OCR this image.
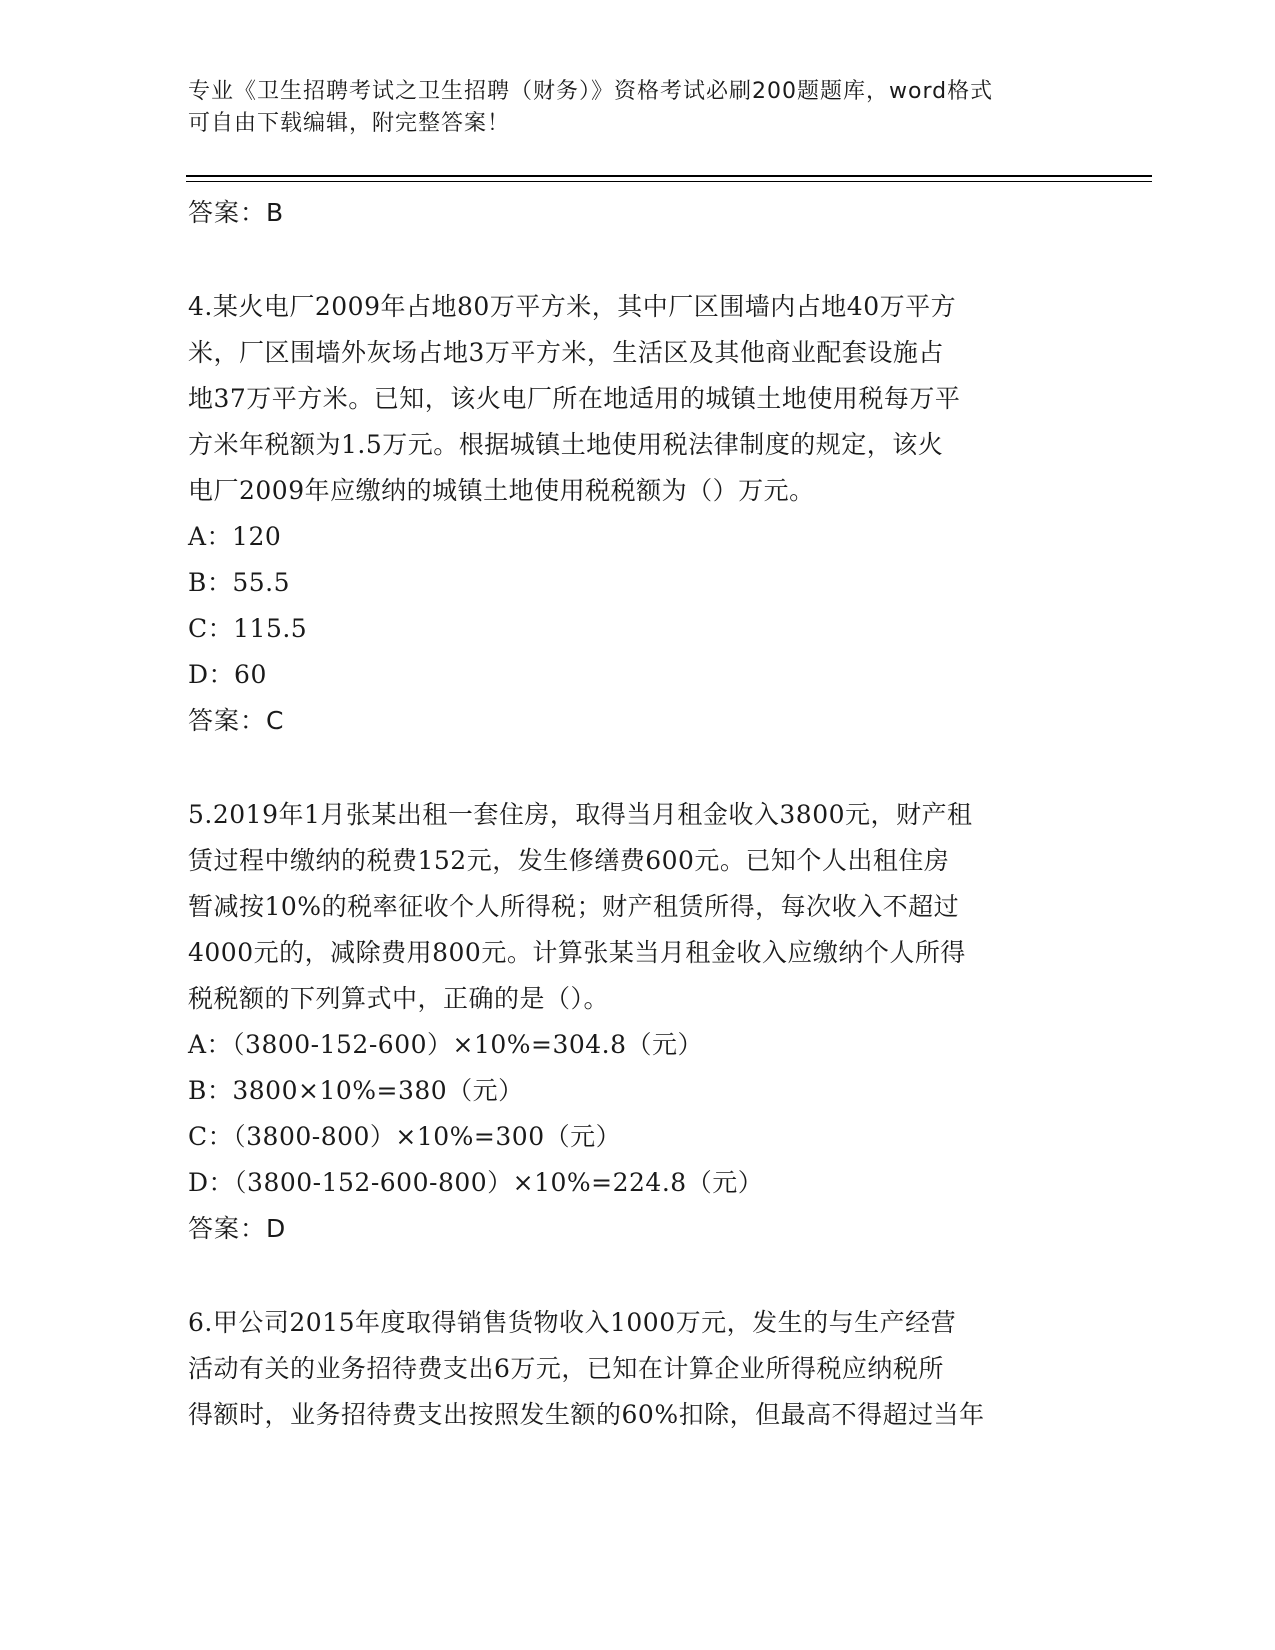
专业《卫生招聘考试之卫生招聘（财务）》资格考试必刷200题题库，word格式
可自由下载编辑，附完整答案！
答案：B
4.某火电厂2009年占地80万平方米，其中厂区围墙内占地40万平方
米，厂区围墙外灰场占地3万平方米，生活区及其他商业配套设施占
地37万平方米。已知，该火电厂所在地适用的城镇土地使用税每万平
方米年税额为1.5万元。根据城镇土地使用税法律制度的规定，该火
电厂2009年应缴纳的城镇土地使用税税额为（）万元。
A：120
B：55.5
C：115.5
D：60
答案：C
5.2019年1月张某出租一套住房，取得当月租金收入3800元，财产租
赁过程中缴纳的税费152元，发生修缮费600元。已知个人出租住房
暂减按10%的税率征收个人所得税；财产租赁所得，每次收入不超过
4000元的，减除费用800元。计算张某当月租金收入应缴纳个人所得
税税额的下列算式中，正确的是（）。
A：（3800-152-600）×10%=304.8（元）
B：3800×10%=380（元）
C：（3800-800）×10%=300（元）
D：（3800-152-600-800）×10%=224.8（元）
答案：D
6.甲公司2015年度取得销售货物收入1000万元，发生的与生产经营
活动有关的业务招待费支出6万元，已知在计算企业所得税应纳税所
得额时，业务招待费支出按照发生额的60%扣除，但最高不得超过当年
